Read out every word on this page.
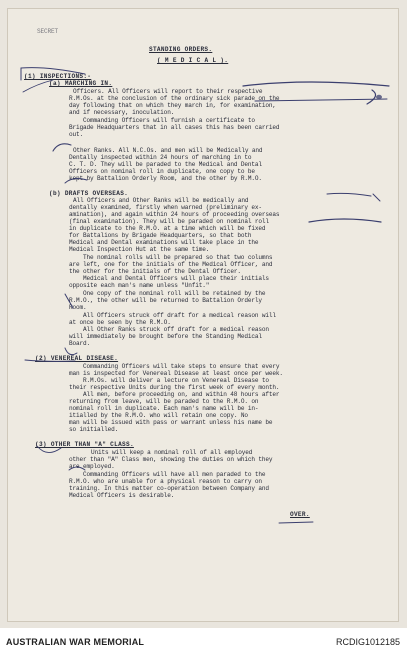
SECRET
STANDING ORDERS.
( M E D I C A L ).
(1) INSPECTIONS:-
(a) MARCHING IN.
Officers. All Officers will report to their respective
R.M.Os. at the conclusion of the ordinary sick parade on the
day following that on which they march in, for examination,
and if necessary, inoculation.
Commanding Officers will furnish a certificate to
Brigade Headquarters that in all cases this has been carried
out.
Other Ranks. All N.C.Os. and men will be Medically and
Dentally inspected within 24 hours of marching in to
C. T. D. They will be paraded to the Medical and Dental
Officers on nominal roll in duplicate, one copy to be
kept by Battalion Orderly Room, and the other by R.M.O.
(b) DRAFTS OVERSEAS.
All Officers and Other Ranks will be medically and
dentally examined, firstly when warned (preliminary ex-
amination), and again within 24 hours of proceeding overseas
(final examination). They will be paraded on nominal roll
in duplicate to the R.M.O. at a time which will be fixed
for Battalions by Brigade Headquarters, so that both
Medical and Dental examinations will take place in the
Medical Inspection Hut at the same time.
The nominal rolls will be prepared so that two columns
are left, one for the initials of the Medical Officer, and
the other for the initials of the Dental Officer.
Medical and Dental Officers will place their initials
opposite each man's name unless "Unfit."
One copy of the nominal roll will be retained by the
R.M.O., the other will be returned to Battalion Orderly
Room.
All Officers struck off draft for a medical reason will
at once be seen by the R.M.O.
All Other Ranks struck off draft for a medical reason
will immediately be brought before the Standing Medical
Board.
(2) VENEREAL DISEASE.
Commanding Officers will take steps to ensure that every
man is inspected for Venereal Disease at least once per week.
R.M.Os. will deliver a lecture on Venereal Disease to
their respective Units during the first week of every month.
All men, before proceeding on, and within 48 hours after
returning from leave, will be paraded to the R.M.O. on
nominal roll in duplicate. Each man's name will be in-
itialled by the R.M.O. who will retain one copy. No
man will be issued with pass or warrant unless his name be
so initialled.
(3) OTHER THAN "A" CLASS.
Units will keep a nominal roll of all employed
other than "A" Class men, showing the duties on which they
are employed.
Commanding Officers will have all men paraded to the
R.M.O. who are unable for a physical reason to carry on
training. In this matter co-operation between Company and
Medical Officers is desirable.
OVER.
AUSTRALIAN WAR MEMORIAL	RCDIG1012185
